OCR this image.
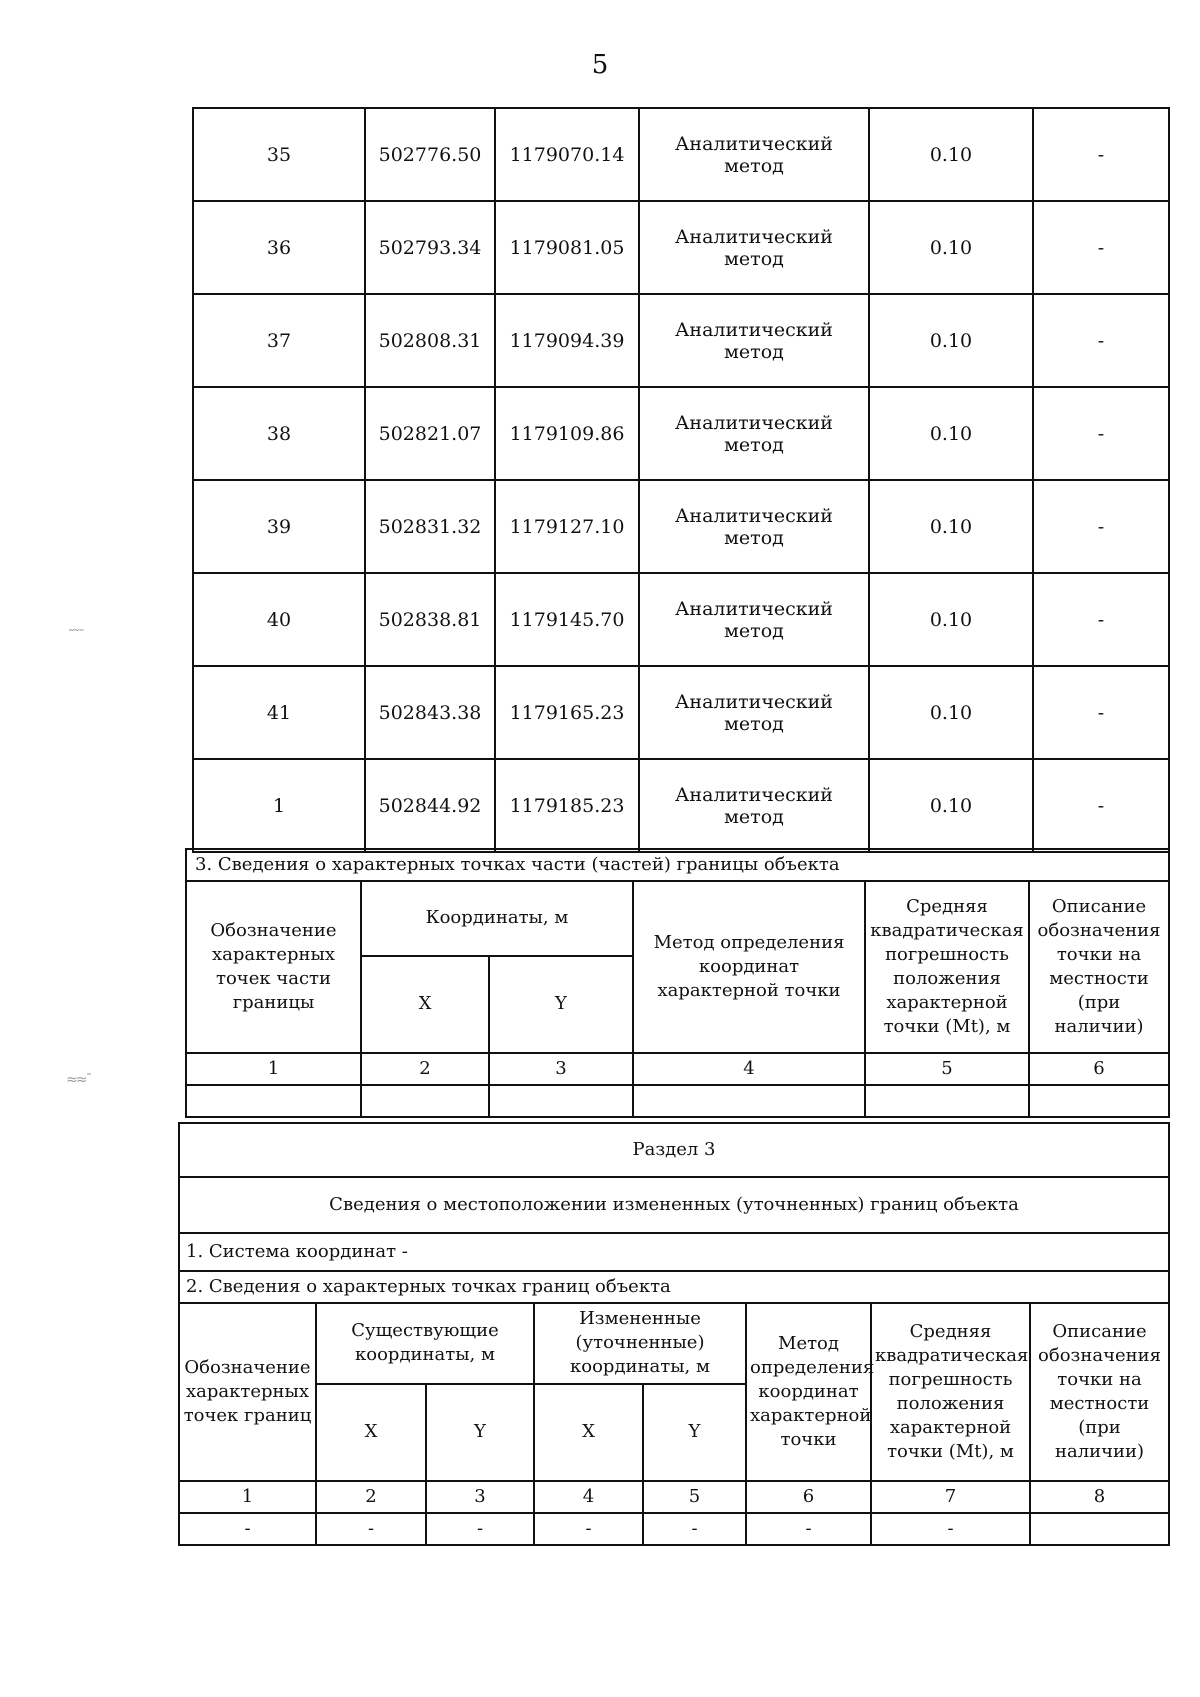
5
˜˜ˉ
≈≈ˉ
35	502776.50	1179070.14	Аналитический метод	0.10	-
36	502793.34	1179081.05	Аналитический метод	0.10	-
37	502808.31	1179094.39	Аналитический метод	0.10	-
38	502821.07	1179109.86	Аналитический метод	0.10	-
39	502831.32	1179127.10	Аналитический метод	0.10	-
40	502838.81	1179145.70	Аналитический метод	0.10	-
41	502843.38	1179165.23	Аналитический метод	0.10	-
1	502844.92	1179185.23	Аналитический метод	0.10	-
3. Сведения о характерных точках части (частей) границы объекта					
Обозначение характерных точек части границы	Координаты, м		Метод определения координат характерной точки	Средняя квадратическая погрешность положения характерной точки (Mt), м	Описание обозначения точки на местности (при наличии)
	X	Y			
1	2	3	4	5	6

Раздел 3							
Сведения о местоположении измененных (уточненных) границ объекта							
1. Система координат -							
2. Сведения о характерных точках границ объекта							
Обозначение характерных точек границ	Существующие координаты, м		Измененные (уточненные) координаты, м		Метод определения координат характерной точки	Средняя квадратическая погрешность положения характерной точки (Mt), м	Описание обозначения точки на местности (при наличии)
	X	Y	X	Y			
1	2	3	4	5	6	7	8
-	-	-	-	-	-	-	
